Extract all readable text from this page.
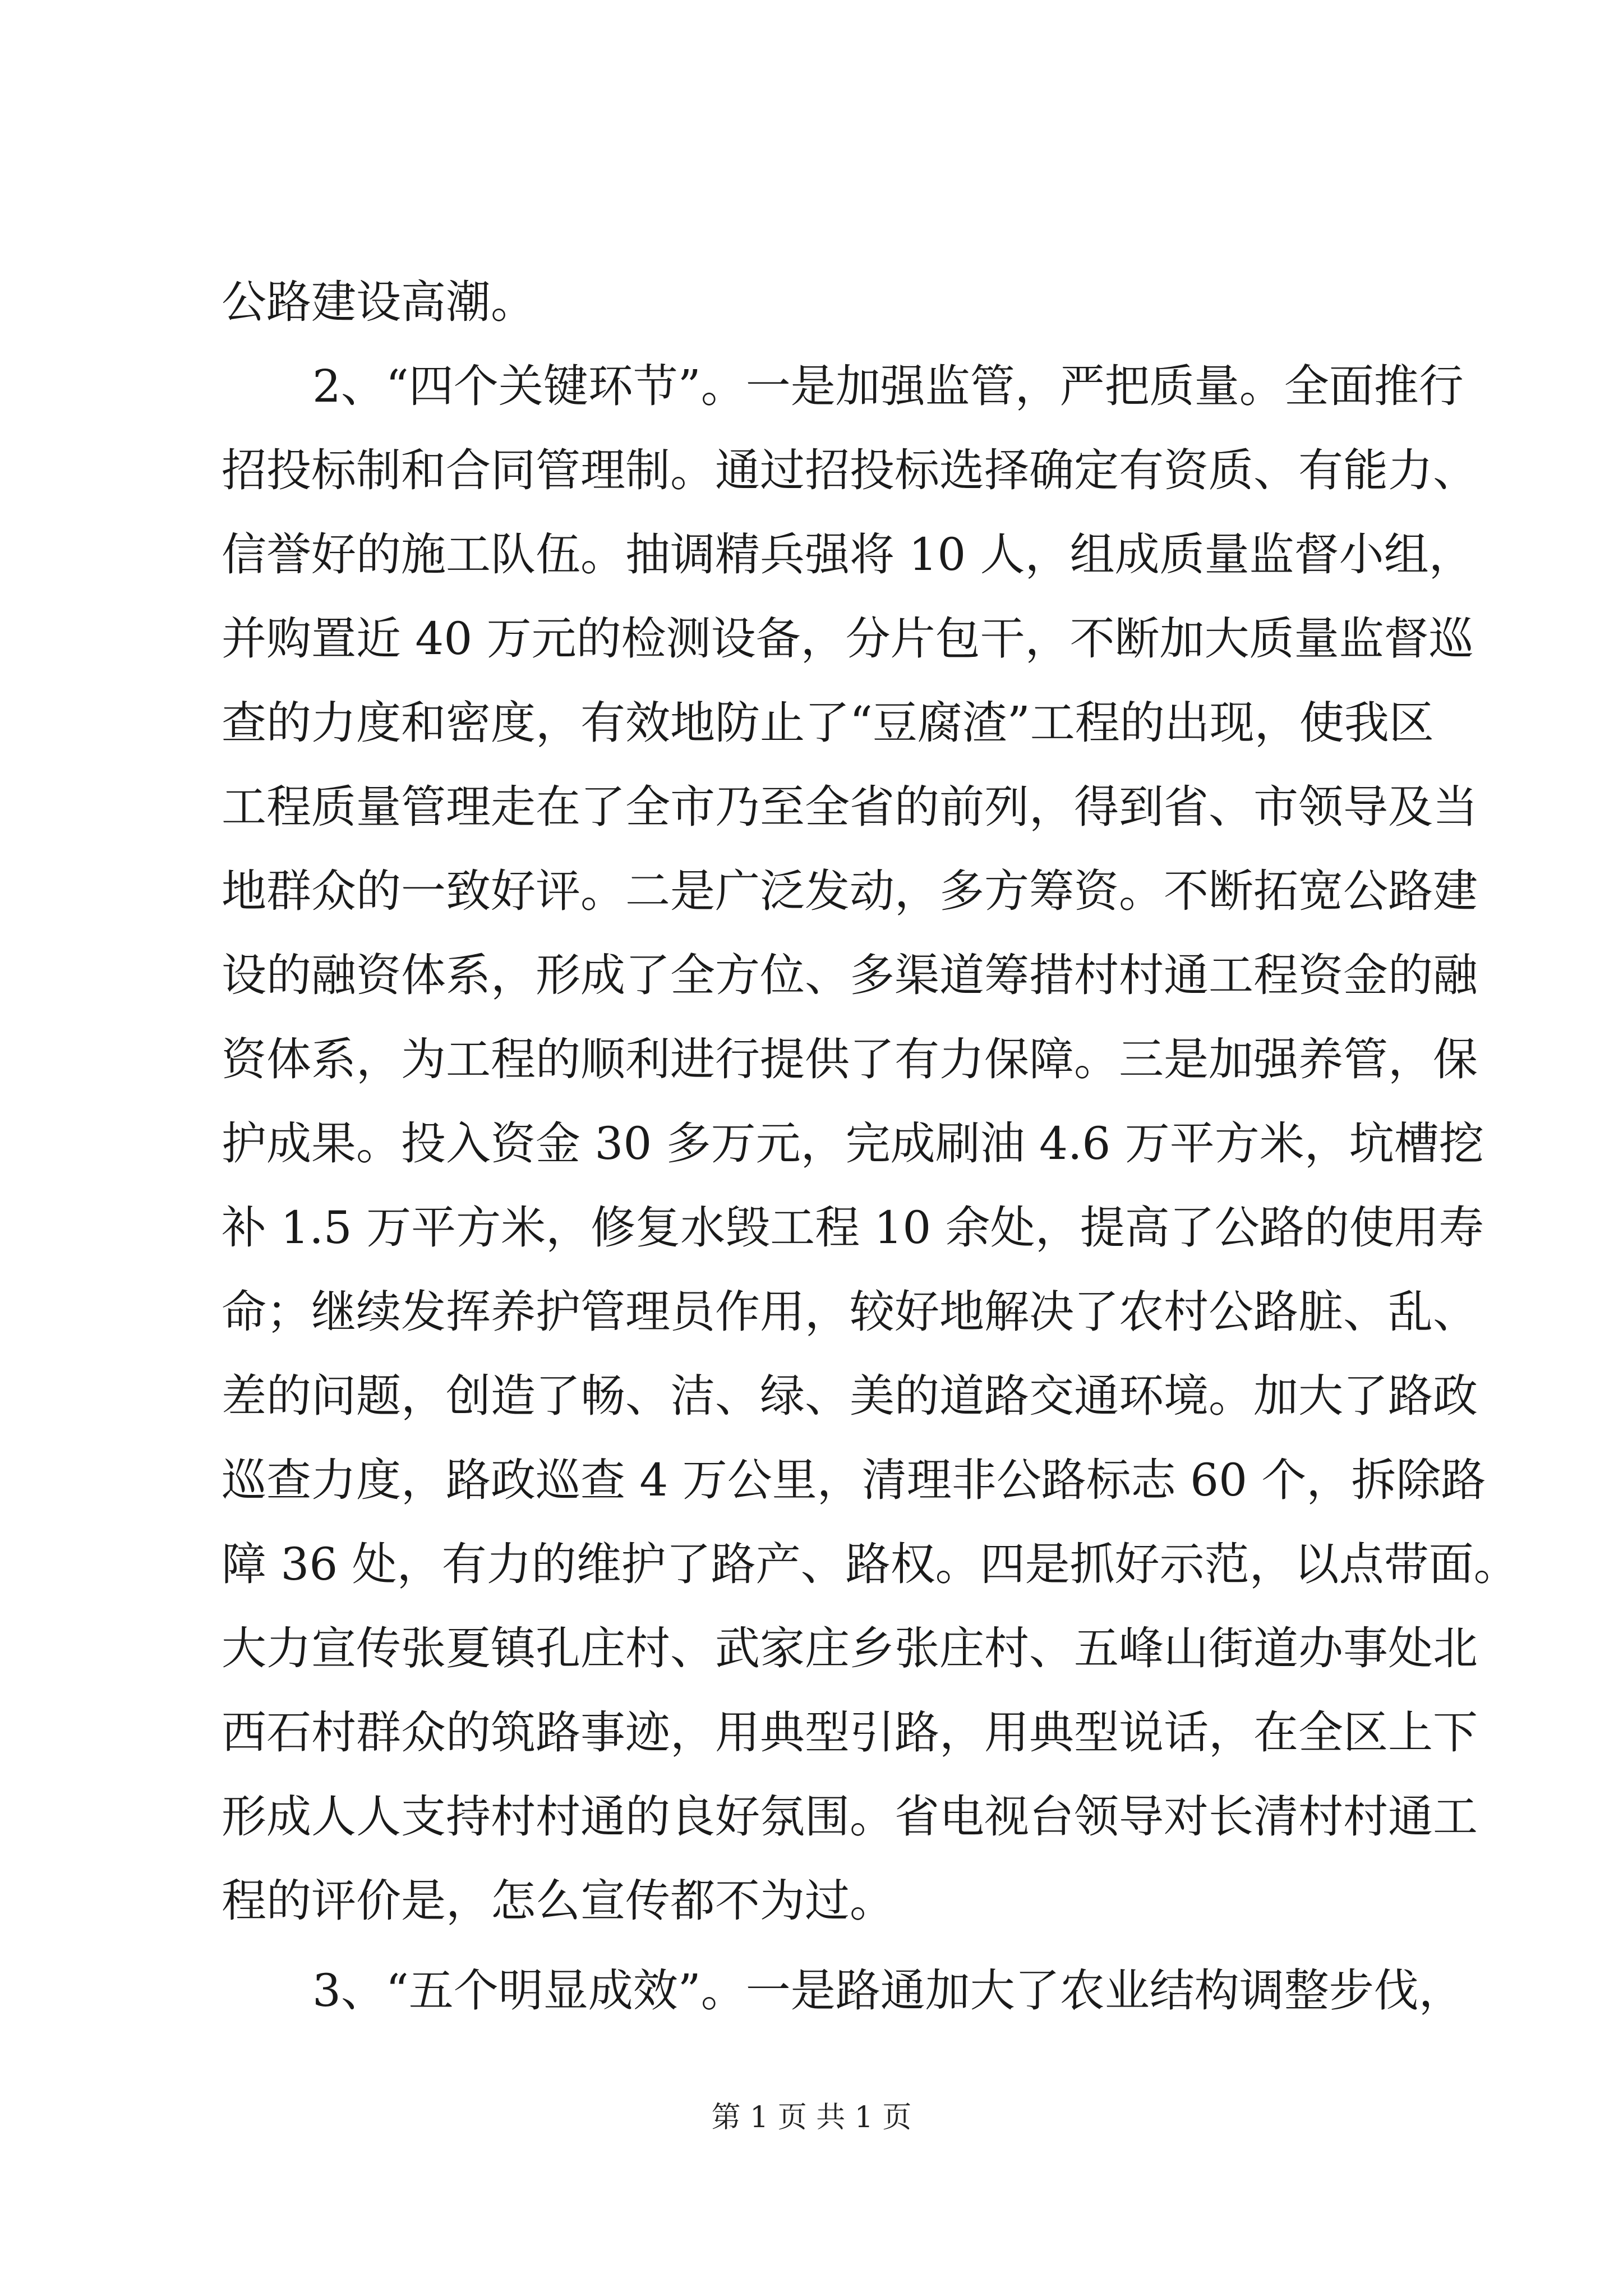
公路建设高潮。
2、“四个关键环节”。一是加强监管，严把质量。全面推行
招投标制和合同管理制。通过招投标选择确定有资质、有能力、
信誉好的施工队伍。抽调精兵强将 10 人，组成质量监督小组，
并购置近 40 万元的检测设备，分片包干，不断加大质量监督巡
查的力度和密度，有效地防止了“豆腐渣”工程的出现，使我区
工程质量管理走在了全市乃至全省的前列，得到省、市领导及当
地群众的一致好评。二是广泛发动，多方筹资。不断拓宽公路建
设的融资体系，形成了全方位、多渠道筹措村村通工程资金的融
资体系，为工程的顺利进行提供了有力保障。三是加强养管，保
护成果。投入资金 30 多万元，完成刷油 4.6 万平方米，坑槽挖
补 1.5 万平方米，修复水毁工程 10 余处，提高了公路的使用寿
命；继续发挥养护管理员作用，较好地解决了农村公路脏、乱、
差的问题，创造了畅、洁、绿、美的道路交通环境。加大了路政
巡查力度，路政巡查 4 万公里，清理非公路标志 60 个，拆除路
障 36 处，有力的维护了路产、路权。四是抓好示范，以点带面。
大力宣传张夏镇孔庄村、武家庄乡张庄村、五峰山街道办事处北
西石村群众的筑路事迹，用典型引路，用典型说话，在全区上下
形成人人支持村村通的良好氛围。省电视台领导对长清村村通工
程的评价是，怎么宣传都不为过。
3、“五个明显成效”。一是路通加大了农业结构调整步伐，
第 1 页 共 1 页
